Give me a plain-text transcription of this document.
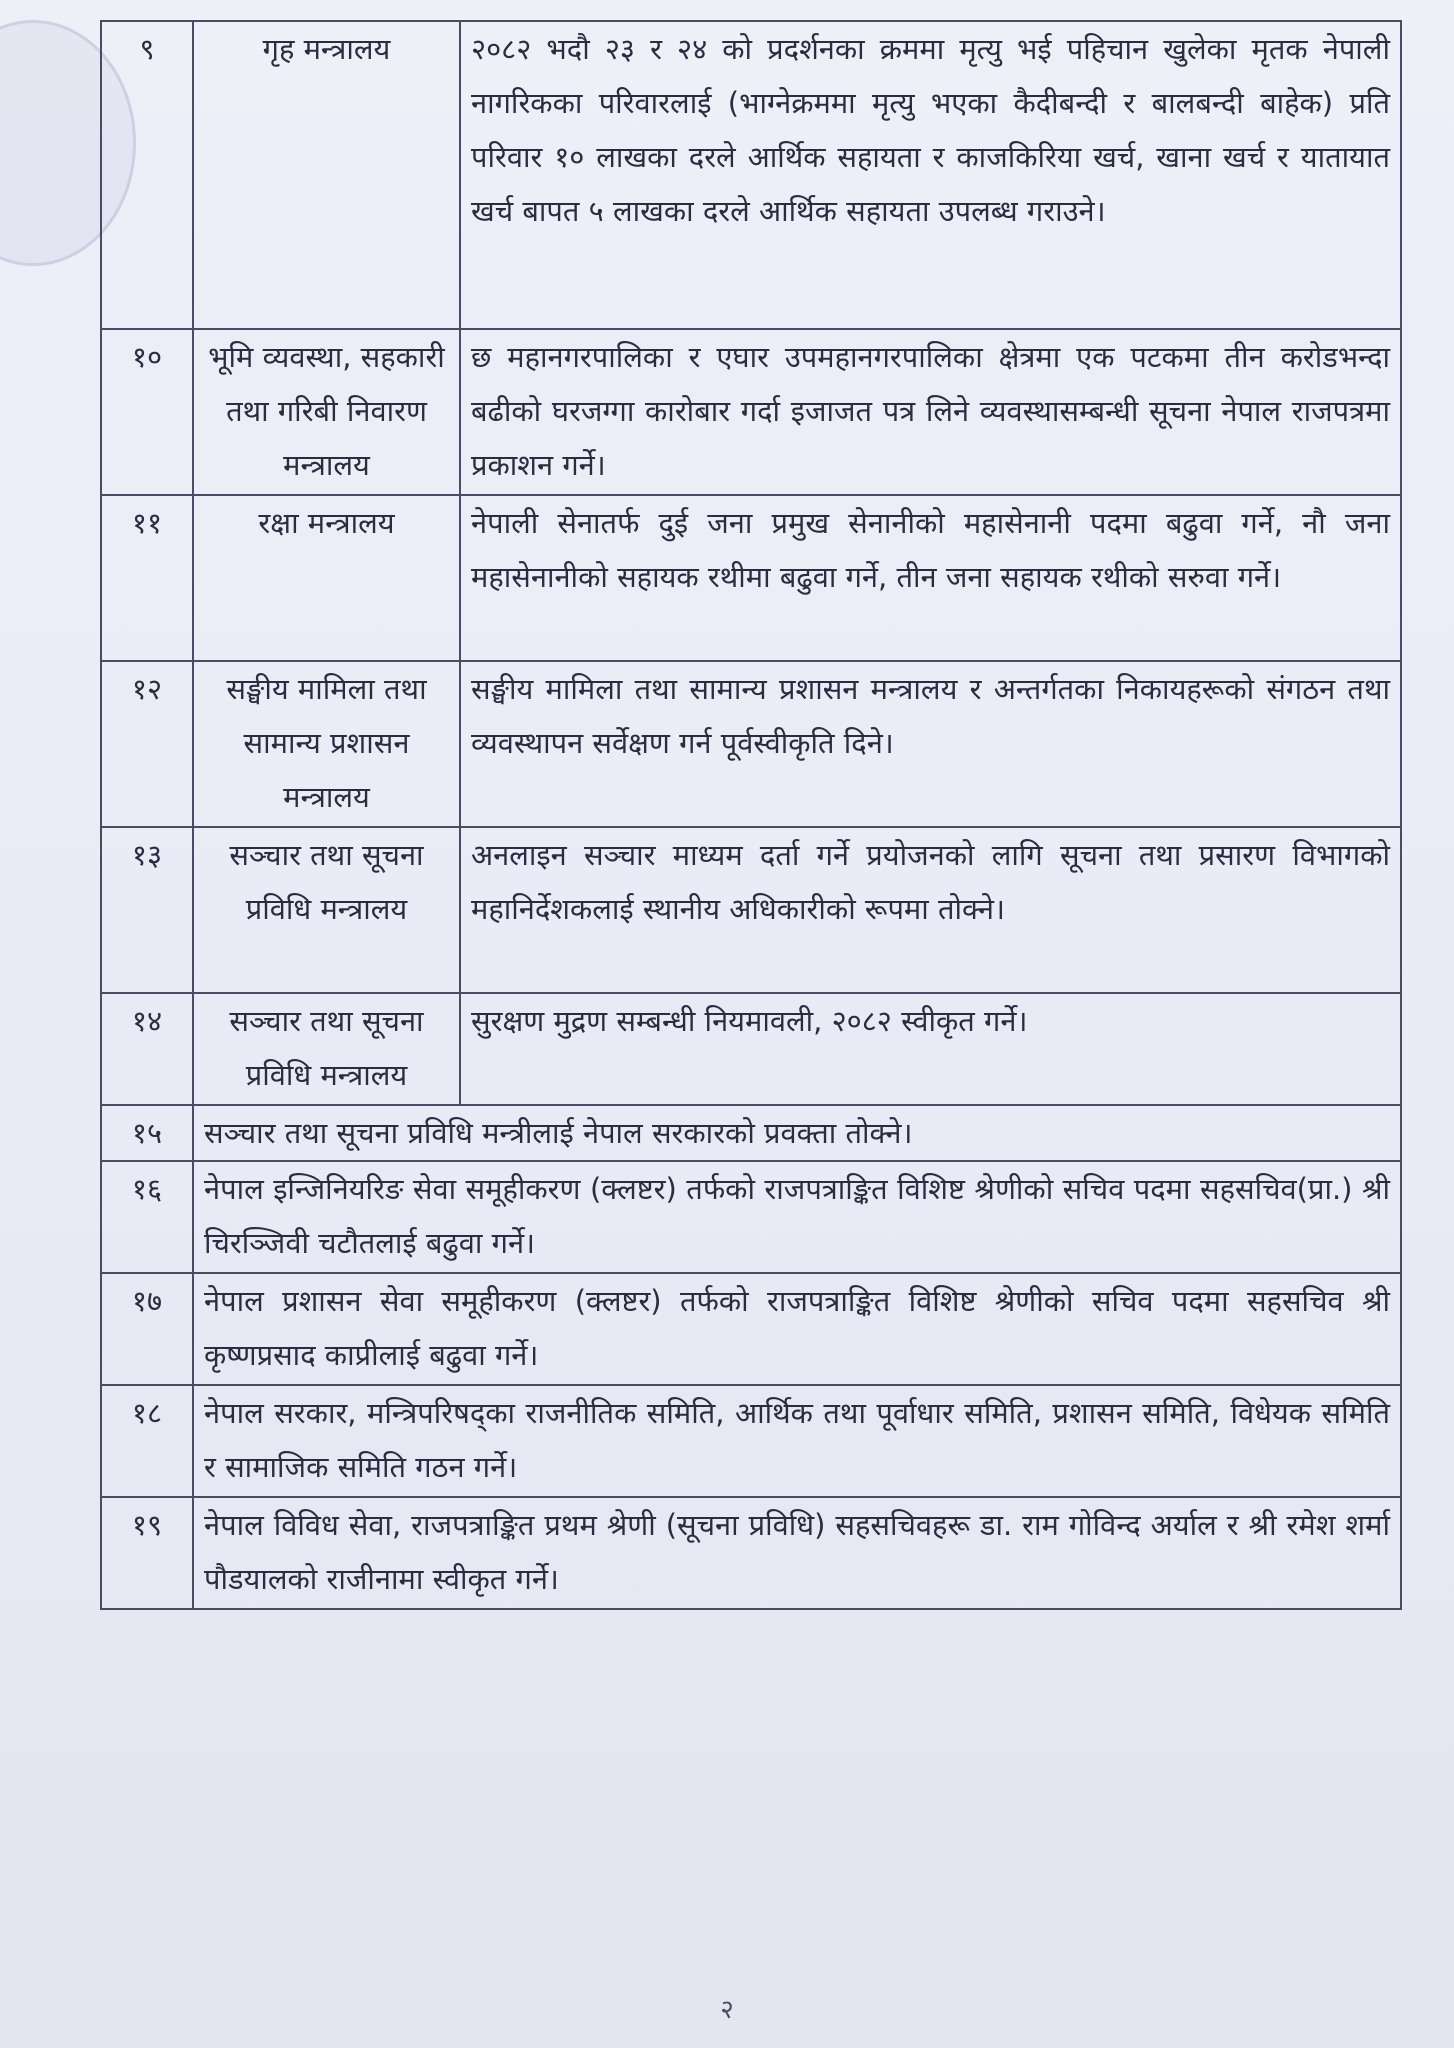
९	गृह मन्त्रालय	२०८२ भदौ २३ र २४ को प्रदर्शनका क्रममा मृत्यु भई पहिचान खुलेका मृतक नेपाली नागरिकका परिवारलाई (भाग्नेक्रममा मृत्यु भएका कैदीबन्दी र बालबन्दी बाहेक) प्रति परिवार १० लाखका दरले आर्थिक सहायता र काजकिरिया खर्च, खाना खर्च र यातायात खर्च बापत ५ लाखका दरले आर्थिक सहायता उपलब्ध गराउने।
१०	भूमि व्यवस्था, सहकारी तथा गरिबी निवारण मन्त्रालय	छ महानगरपालिका र एघार उपमहानगरपालिका क्षेत्रमा एक पटकमा तीन करोडभन्दा बढीको घरजग्गा कारोबार गर्दा इजाजत पत्र लिने व्यवस्थासम्बन्धी सूचना नेपाल राजपत्रमा प्रकाशन गर्ने।
११	रक्षा मन्त्रालय	नेपाली सेनातर्फ दुई जना प्रमुख सेनानीको महासेनानी पदमा बढुवा गर्ने, नौ जना महासेनानीको सहायक रथीमा बढुवा गर्ने, तीन जना सहायक रथीको सरुवा गर्ने।
१२	सङ्घीय मामिला तथा सामान्य प्रशासन मन्त्रालय	सङ्घीय मामिला तथा सामान्य प्रशासन मन्त्रालय र अन्तर्गतका निकायहरूको संगठन तथा व्यवस्थापन सर्वेक्षण गर्न पूर्वस्वीकृति दिने।
१३	सञ्चार तथा सूचना प्रविधि मन्त्रालय	अनलाइन सञ्चार माध्यम दर्ता गर्ने प्रयोजनको लागि सूचना तथा प्रसारण विभागको महानिर्देशकलाई स्थानीय अधिकारीको रूपमा तोक्ने।
१४	सञ्चार तथा सूचना प्रविधि मन्त्रालय	सुरक्षण मुद्रण सम्बन्धी नियमावली, २०८२ स्वीकृत गर्ने।
१५	सञ्चार तथा सूचना प्रविधि मन्त्रीलाई नेपाल सरकारको प्रवक्ता तोक्ने।	
१६	नेपाल इन्जिनियरिङ सेवा समूहीकरण (क्लष्टर) तर्फको राजपत्राङ्कित विशिष्ट श्रेणीको सचिव पदमा सहसचिव(प्रा.) श्री चिरञ्जिवी चटौतलाई बढुवा गर्ने।	
१७	नेपाल प्रशासन सेवा समूहीकरण (क्लष्टर) तर्फको राजपत्राङ्कित विशिष्ट श्रेणीको सचिव पदमा सहसचिव श्री कृष्णप्रसाद काप्रीलाई बढुवा गर्ने।	
१८	नेपाल सरकार, मन्त्रिपरिषद्का राजनीतिक समिति, आर्थिक तथा पूर्वाधार समिति, प्रशासन समिति, विधेयक समिति र सामाजिक समिति गठन गर्ने।	
१९	नेपाल विविध सेवा, राजपत्राङ्कित प्रथम श्रेणी (सूचना प्रविधि) सहसचिवहरू डा. राम गोविन्द अर्याल र श्री रमेश शर्मा पौडयालको राजीनामा स्वीकृत गर्ने।	
२
